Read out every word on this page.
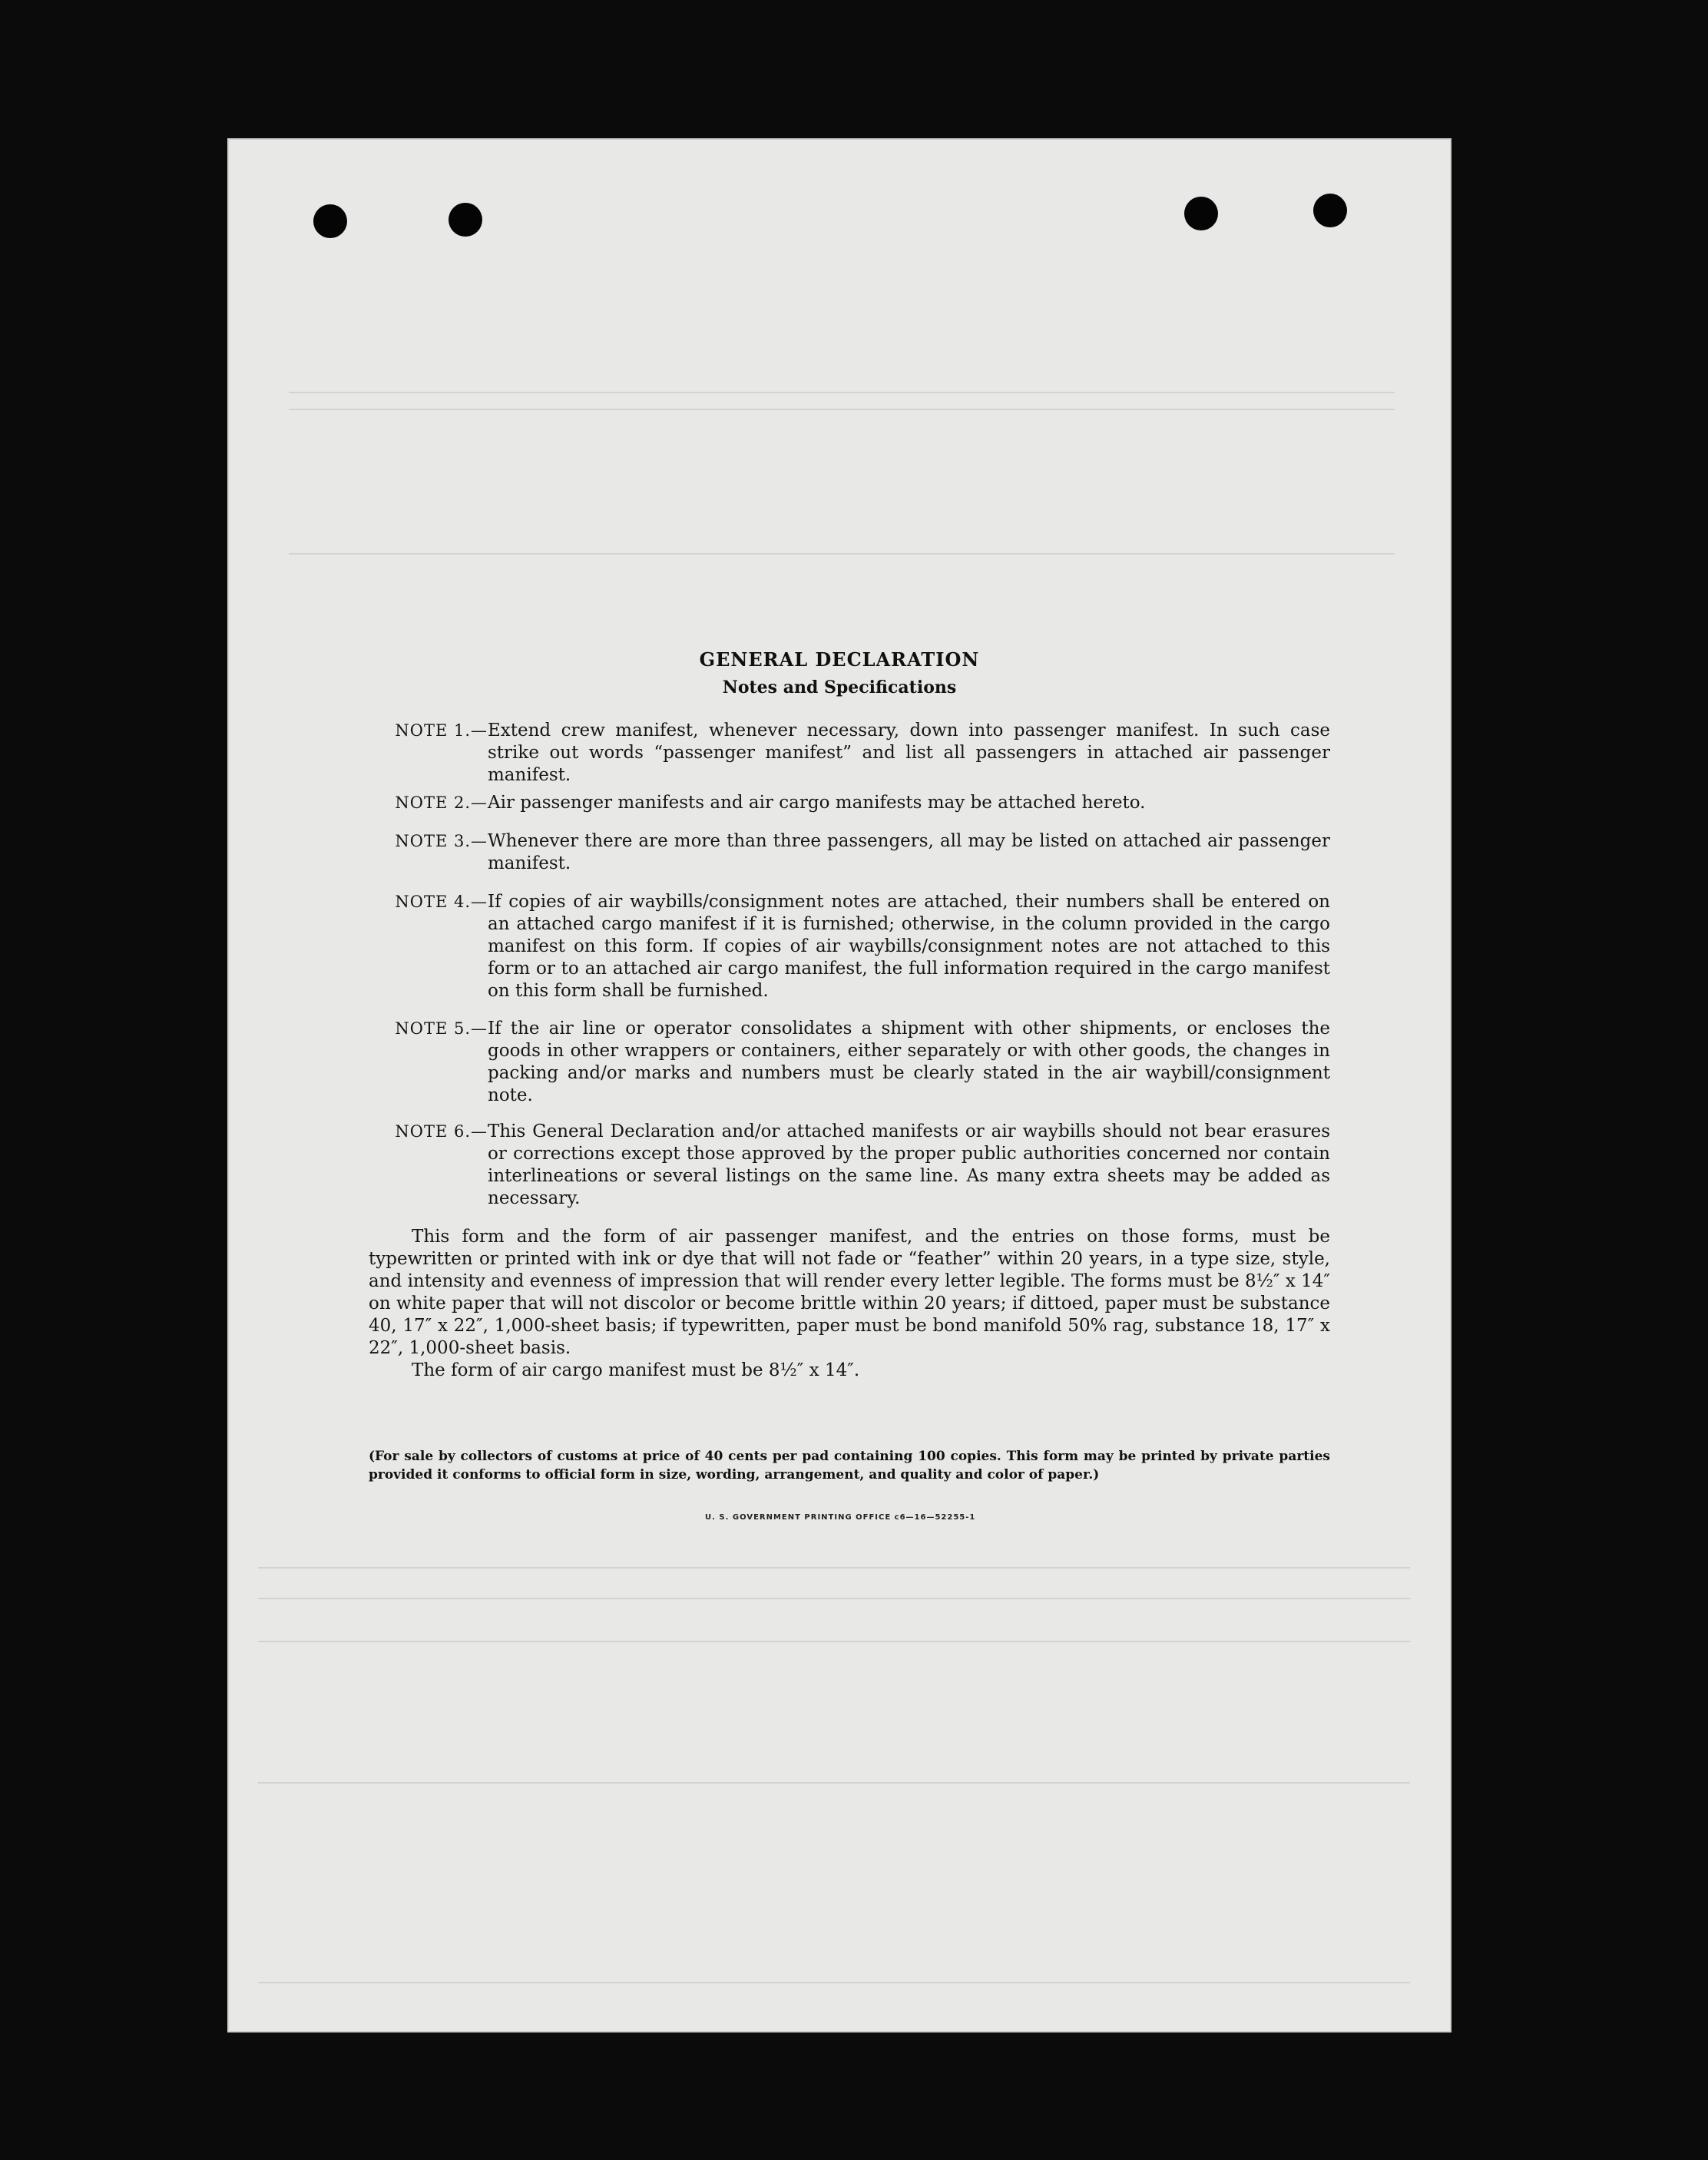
GENERAL DECLARATION
Notes and Specifications
NOTE 1.— Extend crew manifest, whenever necessary, down into passenger manifest. In such case strike out words “passenger manifest” and list all passengers in attached air passenger manifest.
NOTE 2.— Air passenger manifests and air cargo manifests may be attached hereto.
NOTE 3.— Whenever there are more than three passengers, all may be listed on attached air passenger manifest.
NOTE 4.— If copies of air waybills/consignment notes are attached, their numbers shall be entered on an attached cargo manifest if it is furnished; otherwise, in the column provided in the cargo manifest on this form. If copies of air waybills/consignment notes are not attached to this form or to an attached air cargo manifest, the full information required in the cargo manifest on this form shall be furnished.
NOTE 5.— If the air line or operator consolidates a shipment with other shipments, or encloses the goods in other wrappers or containers, either separately or with other goods, the changes in packing and/or marks and numbers must be clearly stated in the air waybill/consignment note.
NOTE 6.— This General Declaration and/or attached manifests or air waybills should not bear erasures or corrections except those approved by the proper public authorities concerned nor contain interlineations or several listings on the same line. As many extra sheets may be added as necessary.
This form and the form of air passenger manifest, and the entries on those forms, must be typewritten or printed with ink or dye that will not fade or “feather” within 20 years, in a type size, style, and intensity and evenness of impression that will render every letter legible. The forms must be 8½″ x 14″ on white paper that will not discolor or become brittle within 20 years; if dittoed, paper must be substance 40, 17″ x 22″, 1,000-sheet basis; if typewritten, paper must be bond manifold 50% rag, substance 18, 17″ x 22″, 1,000-sheet basis.
The form of air cargo manifest must be 8½″ x 14″.
(For sale by collectors of customs at price of 40 cents per pad containing 100 copies. This form may be printed by private parties provided it conforms to official form in size, wording, arrangement, and quality and color of paper.)
U. S. GOVERNMENT PRINTING OFFICE c6—16—52255-1
